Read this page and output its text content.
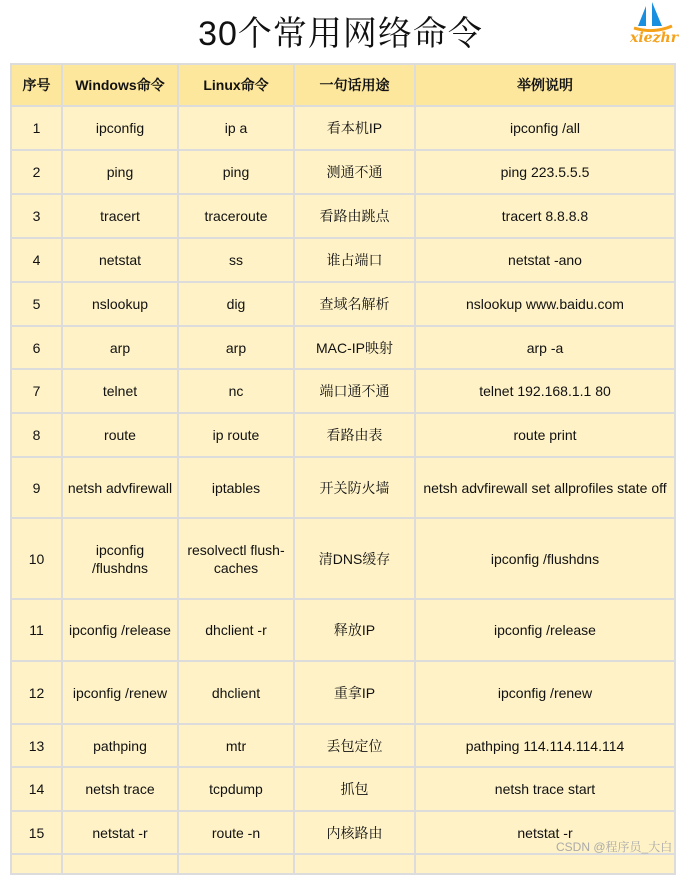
30个常用网络命令	xiezhr
序号	Windows命令	Linux命令	一句话用途	举例说明
1	ipconfig	ip a	看本机IP	ipconfig /all
2	ping	ping	测通不通	ping 223.5.5.5
3	tracert	traceroute	看路由跳点	tracert 8.8.8.8
4	netstat	ss	谁占端口	netstat -ano
5	nslookup	dig	查域名解析	nslookup www.baidu.com
6	arp	arp	MAC-IP映射	arp -a
7	telnet	nc	端口通不通	telnet 192.168.1.1 80
8	route	ip route	看路由表	route print
9	netsh advfirewall	iptables	开关防火墙	netsh advfirewall set allprofiles state off
10	ipconfig /flushdns	resolvectl flush-caches	清DNS缓存	ipconfig /flushdns
11	ipconfig /release	dhclient -r	释放IP	ipconfig /release
12	ipconfig /renew	dhclient	重拿IP	ipconfig /renew
13	pathping	mtr	丢包定位	pathping 114.114.114.114
14	netsh trace	tcpdump	抓包	netsh trace start
15	netstat -r	route -n	内核路由	netstat -r

CSDN @程序员_大白
